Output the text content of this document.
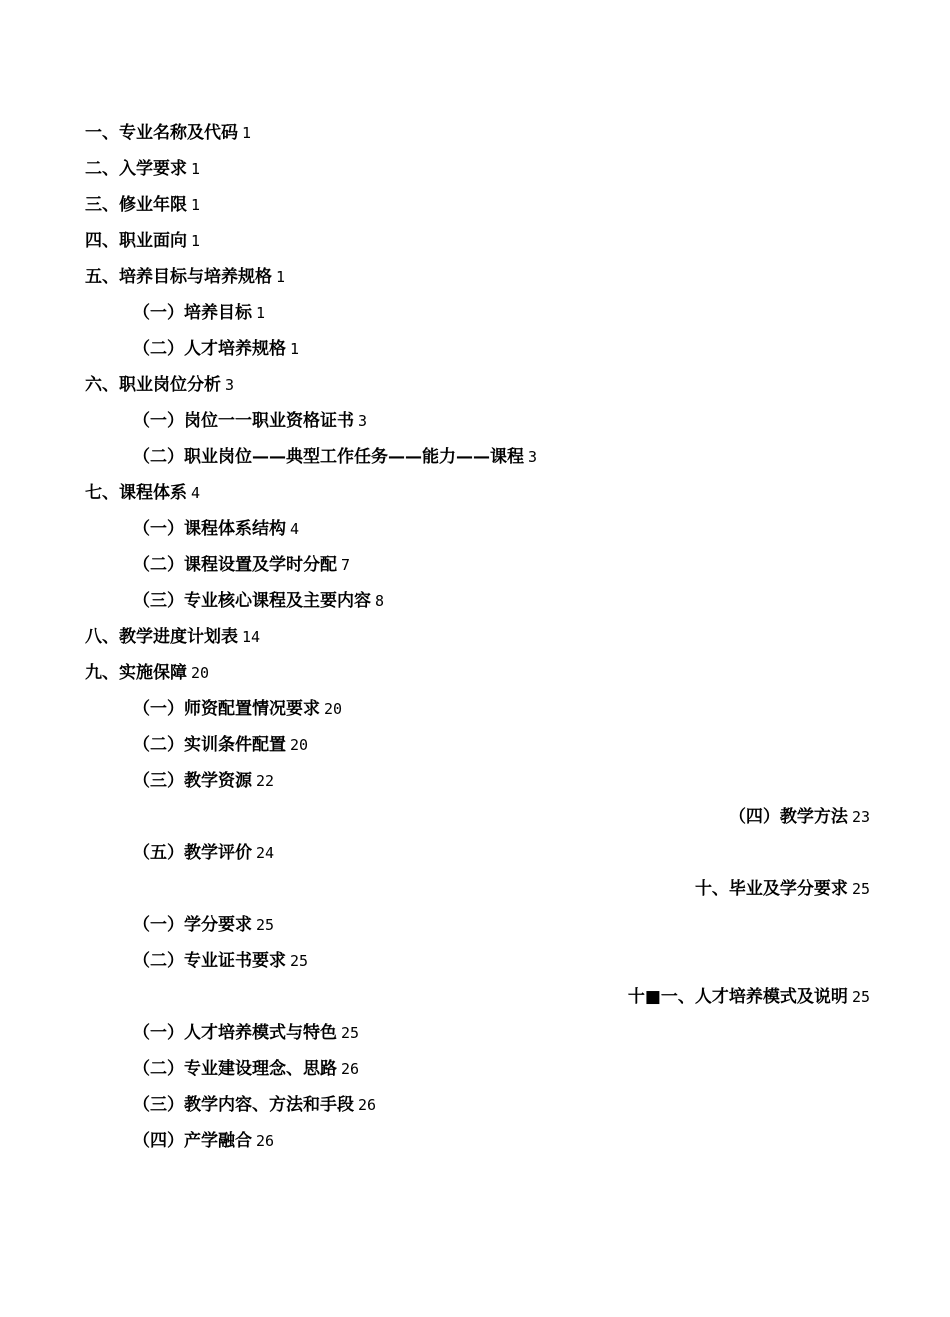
一、专业名称及代码 1
二、入学要求 1
三、修业年限 1
四、职业面向 1
五、培养目标与培养规格 1
（一）培养目标 1
（二）人才培养规格 1
六、职业岗位分析 3
（一）岗位一一职业资格证书 3
（二）职业岗位——典型工作任务——能力——课程 3
七、课程体系 4
（一）课程体系结构 4
（二）课程设置及学时分配 7
（三）专业核心课程及主要内容 8
八、教学进度计划表 14
九、实施保障 20
（一）师资配置情况要求 20
（二）实训条件配置 20
（三）教学资源 22
（四）教学方法 23
（五）教学评价 24
十、毕业及学分要求 25
（一）学分要求 25
（二）专业证书要求 25
十■一、人才培养模式及说明 25
（一）人才培养模式与特色 25
（二）专业建设理念、思路 26
（三）教学内容、方法和手段 26
（四）产学融合 26
